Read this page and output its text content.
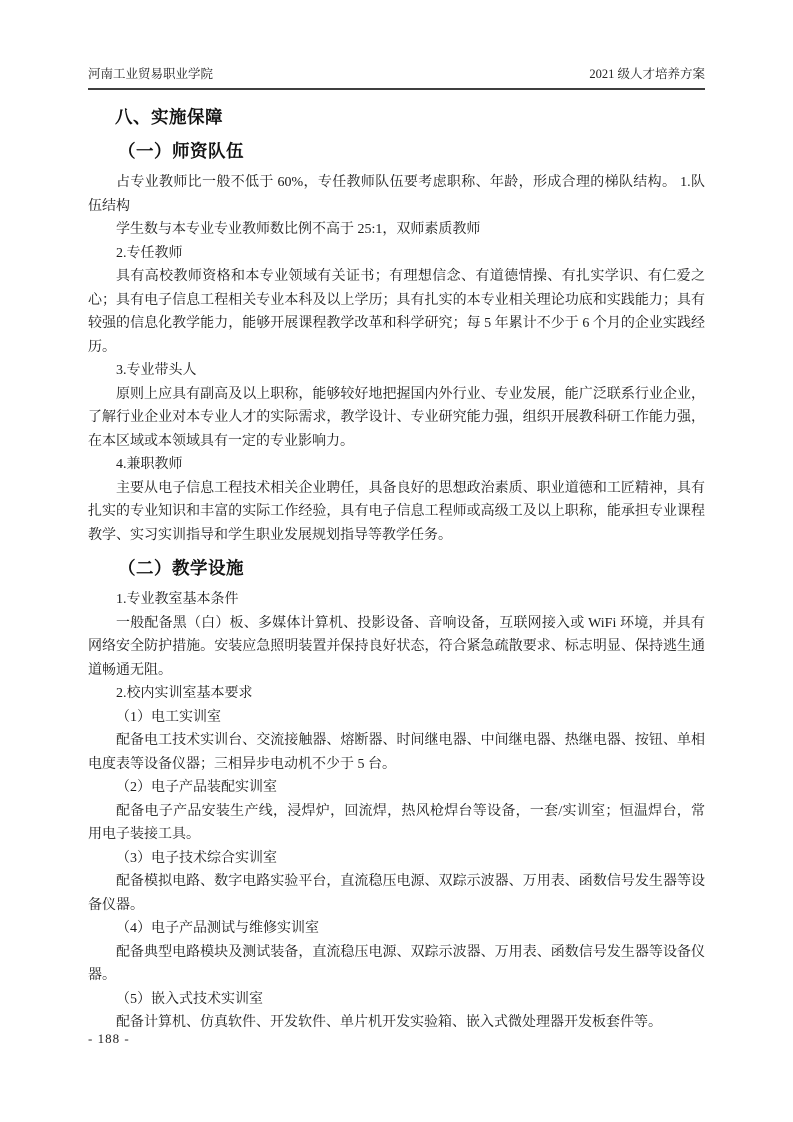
河南工业贸易职业学院	2021 级人才培养方案
八、实施保障
（一）师资队伍

占专业教师比一般不低于 60%，专任教师队伍要考虑职称、年龄，形成合理的梯队结构。 1.队伍结构

学生数与本专业专业教师数比例不高于 25:1，双师素质教师

2.专任教师

具有高校教师资格和本专业领域有关证书；有理想信念、有道德情操、有扎实学识、有仁爱之心；具有电子信息工程相关专业本科及以上学历；具有扎实的本专业相关理论功底和实践能力；具有较强的信息化教学能力，能够开展课程教学改革和科学研究；每 5 年累计不少于 6 个月的企业实践经历。

3.专业带头人

原则上应具有副高及以上职称，能够较好地把握国内外行业、专业发展，能广泛联系行业企业，了解行业企业对本专业人才的实际需求，教学设计、专业研究能力强，组织开展教科研工作能力强，在本区域或本领域具有一定的专业影响力。

4.兼职教师

主要从电子信息工程技术相关企业聘任，具备良好的思想政治素质、职业道德和工匠精神，具有扎实的专业知识和丰富的实际工作经验，具有电子信息工程师或高级工及以上职称，能承担专业课程教学、实习实训指导和学生职业发展规划指导等教学任务。

（二）教学设施

1.专业教室基本条件

一般配备黑（白）板、多媒体计算机、投影设备、音响设备，互联网接入或 WiFi 环境，并具有网络安全防护措施。安装应急照明装置并保持良好状态，符合紧急疏散要求、标志明显、保持逃生通道畅通无阻。

2.校内实训室基本要求

（1）电工实训室

配备电工技术实训台、交流接触器、熔断器、时间继电器、中间继电器、热继电器、按钮、单相电度表等设备仪器；三相异步电动机不少于 5 台。

（2）电子产品装配实训室

配备电子产品安装生产线，浸焊炉，回流焊，热风枪焊台等设备，一套/实训室；恒温焊台，常用电子装接工具。

（3）电子技术综合实训室

配备模拟电路、数字电路实验平台，直流稳压电源、双踪示波器、万用表、函数信号发生器等设备仪器。

（4）电子产品测试与维修实训室

配备典型电路模块及测试装备，直流稳压电源、双踪示波器、万用表、函数信号发生器等设备仪器。

（5）嵌入式技术实训室

配备计算机、仿真软件、开发软件、单片机开发实验箱、嵌入式微处理器开发板套件等。

- 188 -
